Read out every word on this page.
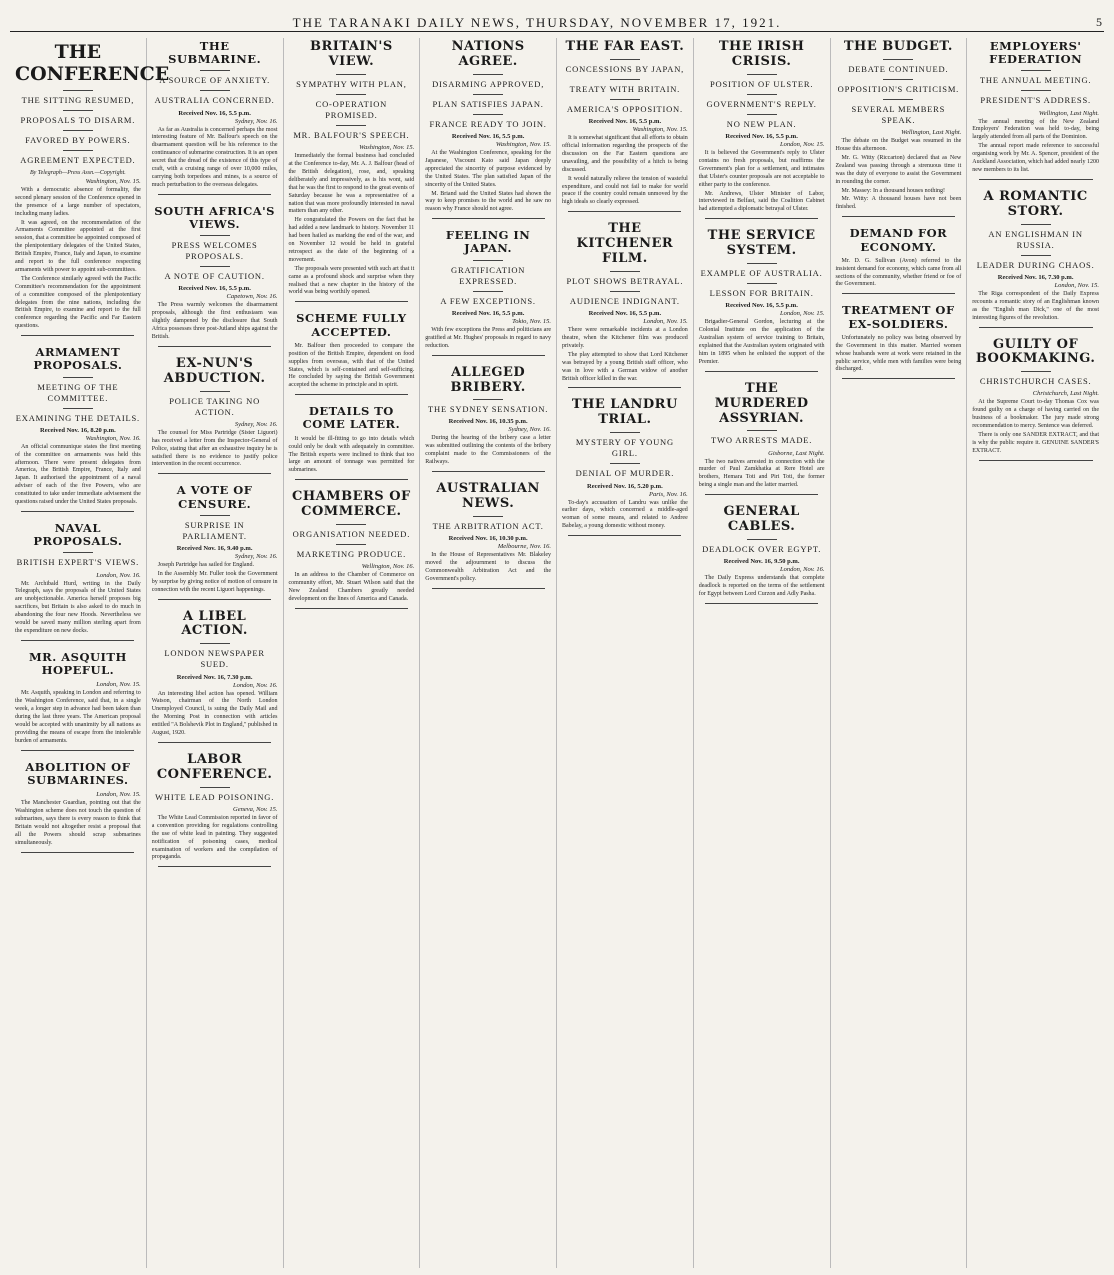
THE TARANAKI DAILY NEWS, THURSDAY, NOVEMBER 17, 1921.	5
THE CONFERENCE
THE SITTING RESUMED,
PROPOSALS TO DISARM.
FAVORED BY POWERS.
AGREEMENT EXPECTED.
By Telegraph—Press Assn.—Copyright.
Washington, Nov. 15.

With a democratic absence of formality, the second plenary session of the Conference opened in the presence of a large number of spectators, including many ladies.

It was agreed, on the recommendation of the Armaments Committee appointed at the first session, that a committee be appointed composed of the plenipotentiary delegates of the United States, British Empire, France, Italy and Japan, to examine and report to the full conference respecting armaments with power to appoint sub-committees.

The Conference similarly agreed with the Pacific Committee's recommendation for the appointment of a committee composed of the plenipotentiary delegates from the nine nations, including the British Empire, to examine and report to the full conference regarding the Pacific and Far Eastern questions.

ARMAMENT PROPOSALS.
MEETING OF THE COMMITTEE.
EXAMINING THE DETAILS.
Received Nov. 16, 8.20 p.m.
Washington, Nov. 16.

An official communique states the first meeting of the committee on armaments was held this afternoon. There were present delegates from America, the British Empire, France, Italy and Japan. It authorised the appointment of a naval adviser of each of the five Powers, who are constituted to take under immediate advisement the questions raised under the United States proposals.

NAVAL PROPOSALS.
BRITISH EXPERT'S VIEWS.
London, Nov. 16.

Mr. Archibald Hurd, writing in the Daily Telegraph, says the proposals of the United States are unobjectionable. America herself proposes big sacrifices, but Britain is also asked to do much in abandoning the four new Hoods. Nevertheless we would be saved many million sterling apart from the expenditure on new docks.

MR. ASQUITH HOPEFUL.
London, Nov. 15.

Mr. Asquith, speaking in London and referring to the Washington Conference, said that, in a single week, a longer step in advance had been taken than during the last three years. The American proposal would be accepted with unanimity by all nations as providing the means of escape from the intolerable burden of armaments.

ABOLITION OF SUBMARINES.
London, Nov. 15.

The Manchester Guardian, pointing out that the Washington scheme does not touch the question of submarines, says there is every reason to think that Britain would not altogether resist a proposal that all the Powers should scrap submarines simultaneously.

THE SUBMARINE.
A SOURCE OF ANXIETY.
AUSTRALIA CONCERNED.
Received Nov. 16, 5.5 p.m.
Sydney, Nov. 16.

As far as Australia is concerned perhaps the most interesting feature of Mr. Balfour's speech on the disarmament question will be his reference to the continuance of submarine construction. It is an open secret that the dread of the existence of this type of craft, with a cruising range of over 10,000 miles, carrying both torpedoes and mines, is a source of much perturbation to the overseas delegates.

SOUTH AFRICA'S VIEWS.
PRESS WELCOMES PROPOSALS.
A NOTE OF CAUTION.
Received Nov. 16, 5.5 p.m.
Capetown, Nov. 16.

The Press warmly welcomes the disarmament proposals, although the first enthusiasm was slightly dampened by the disclosure that South Africa possesses three post-Jutland ships against the British.

EX-NUN'S ABDUCTION.
POLICE TAKING NO ACTION.
Sydney, Nov. 16.

The counsel for Miss Partridge (Sister Liguori) has received a letter from the Inspector-General of Police, stating that after an exhaustive inquiry he is satisfied there is no evidence to justify police intervention in the recent occurrence.

A VOTE OF CENSURE.
SURPRISE IN PARLIAMENT.
Received Nov. 16, 9.40 p.m.
Sydney, Nov. 16.

Joseph Partridge has sailed for England.

In the Assembly Mr. Fuller took the Government by surprise by giving notice of motion of censure in connection with the recent Liguori happenings.

A LIBEL ACTION.
LONDON NEWSPAPER SUED.
Received Nov. 16, 7.30 p.m.
London, Nov. 16.

An interesting libel action has opened. William Watson, chairman of the North London Unemployed Council, is suing the Daily Mail and the Morning Post in connection with articles entitled "A Bolshevik Plot in England," published in August, 1920.

LABOR CONFERENCE.
WHITE LEAD POISONING.
Geneva, Nov. 15.

The White Lead Commission reported in favor of a convention providing for regulations controlling the use of white lead in painting. They suggested notification of poisoning cases, medical examination of workers and the compilation of propaganda.

BRITAIN'S VIEW.
SYMPATHY WITH PLAN,
CO-OPERATION PROMISED.
MR. BALFOUR'S SPEECH.
Washington, Nov. 15.

Immediately the formal business had concluded at the Conference to-day, Mr. A. J. Balfour (head of the British delegation), rose, and, speaking deliberately and impressively, as is his wont, said that he was the first to respond to the great events of Saturday because he was a representative of a nation that was more profoundly interested in naval matters than any other.

He congratulated the Powers on the fact that he had added a new landmark to history. November 11 had been hailed as marking the end of the war, and on November 12 would be held in grateful retrospect as the date of the beginning of a movement.

The proposals were presented with such art that it came as a profound shock and surprise when they realised that a new chapter in the history of the world was being worthily opened.

SCHEME FULLY ACCEPTED.

Mr. Balfour then proceeded to compare the position of the British Empire, dependent on food supplies from overseas, with that of the United States, which is self-contained and self-sufficing. He concluded by saying the British Government accepted the scheme in principle and in spirit.

DETAILS TO COME LATER.

It would be ill-fitting to go into details which could only be dealt with adequately in committee. The British experts were inclined to think that too large an amount of tonnage was permitted for submarines.

CHAMBERS OF COMMERCE.
ORGANISATION NEEDED.
MARKETING PRODUCE.
Wellington, Nov. 16.

In an address to the Chamber of Commerce on community effort, Mr. Stuart Wilson said that the New Zealand Chambers greatly needed development on the lines of America and Canada.

NATIONS AGREE.
DISARMING APPROVED,
PLAN SATISFIES JAPAN.
FRANCE READY TO JOIN.
Received Nov. 16, 5.5 p.m.
Washington, Nov. 15.

At the Washington Conference, speaking for the Japanese, Viscount Kato said Japan deeply appreciated the sincerity of purpose evidenced by the United States. The plan satisfied Japan of the sincerity of the United States.

M. Briand said the United States had shown the way to keep promises to the world and he saw no reason why France should not agree.

FEELING IN JAPAN.
GRATIFICATION EXPRESSED.
A FEW EXCEPTIONS.
Received Nov. 16, 5.5 p.m.
Tokio, Nov. 15.

With few exceptions the Press and politicians are gratified at Mr. Hughes' proposals in regard to navy reduction.

ALLEGED BRIBERY.
THE SYDNEY SENSATION.
Received Nov. 16, 10.35 p.m.
Sydney, Nov. 16.

During the hearing of the bribery case a letter was submitted outlining the contents of the bribery complaint made to the Commissioners of the Railways.

AUSTRALIAN NEWS.
THE ARBITRATION ACT.
Received Nov. 16, 10.30 p.m.
Melbourne, Nov. 16.

In the House of Representatives Mr. Blakeley moved the adjournment to discuss the Commonwealth Arbitration Act and the Government's policy.

THE FAR EAST.
CONCESSIONS BY JAPAN,
TREATY WITH BRITAIN.
AMERICA'S OPPOSITION.
Received Nov. 16, 5.5 p.m.
Washington, Nov. 15.

It is somewhat significant that all efforts to obtain official information regarding the prospects of the discussion on the Far Eastern questions are unavailing, and the possibility of a hitch is being discussed.

It would naturally relieve the tension of wasteful expenditure, and could not fail to make for world peace if the country could remain unmoved by the high ideals so clearly expressed.

THE KITCHENER FILM.
PLOT SHOWS BETRAYAL.
AUDIENCE INDIGNANT.
Received Nov. 16, 5.5 p.m.
London, Nov. 15.

There were remarkable incidents at a London theatre, when the Kitchener film was produced privately.

The play attempted to show that Lord Kitchener was betrayed by a young British staff officer, who was in love with a German widow of another British officer killed in the war.

THE LANDRU TRIAL.
MYSTERY OF YOUNG GIRL.
DENIAL OF MURDER.
Received Nov. 16, 5.20 p.m.
Paris, Nov. 16.

To-day's accusation of Landru was unlike the earlier days, which concerned a middle-aged woman of some means, and related to Andree Babelay, a young domestic without money.

THE IRISH CRISIS.
POSITION OF ULSTER.
GOVERNMENT'S REPLY.
NO NEW PLAN.
Received Nov. 16, 5.5 p.m.
London, Nov. 15.

It is believed the Government's reply to Ulster contains no fresh proposals, but reaffirms the Government's plan for a settlement, and intimates that Ulster's counter proposals are not acceptable to either party to the conference.

Mr. Andrews, Ulster Minister of Labor, interviewed in Belfast, said the Coalition Cabinet had attempted a diplomatic betrayal of Ulster.

THE SERVICE SYSTEM.
EXAMPLE OF AUSTRALIA.
LESSON FOR BRITAIN.
Received Nov. 16, 5.5 p.m.
London, Nov. 15.

Brigadier-General Gordon, lecturing at the Colonial Institute on the application of the Australian system of service training to Britain, explained that the Australian system originated with him in 1895 when he enlisted the support of the Premier.

THE MURDERED ASSYRIAN.
TWO ARRESTS MADE.
Gisborne, Last Night.

The two natives arrested in connection with the murder of Paul Zamkhatka at Rere Hotel are brothers, Hemara Toti and Piri Toti, the former being a single man and the latter married.

GENERAL CABLES.
DEADLOCK OVER EGYPT.
Received Nov. 16, 9.50 p.m.
London, Nov. 16.

The Daily Express understands that complete deadlock is reported on the terms of the settlement for Egypt between Lord Curzon and Adly Pasha.

THE BUDGET.
DEBATE CONTINUED.
OPPOSITION'S CRITICISM.
SEVERAL MEMBERS SPEAK.
Wellington, Last Night.

The debate on the Budget was resumed in the House this afternoon.

Mr. G. Witty (Riccarton) declared that as New Zealand was passing through a strenuous time it was the duty of everyone to assist the Government in rounding the corner.

Mr. Massey: In a thousand houses nothing!

Mr. Witty: A thousand houses have not been finished.

DEMAND FOR ECONOMY.

Mr. D. G. Sullivan (Avon) referred to the insistent demand for economy, which came from all sections of the community, whether friend or foe of the Government.

TREATMENT OF EX-SOLDIERS.

Unfortunately no policy was being observed by the Government in this matter. Married women whose husbands were at work were retained in the public service, while men with families were being discharged.

EMPLOYERS' FEDERATION
THE ANNUAL MEETING.
PRESIDENT'S ADDRESS.
Wellington, Last Night.

The annual meeting of the New Zealand Employers' Federation was held to-day, being largely attended from all parts of the Dominion.

The annual report made reference to successful organising work by Mr. A. Spencer, president of the Auckland Association, which had added nearly 1200 new members to its list.

A ROMANTIC STORY.
AN ENGLISHMAN IN RUSSIA.
LEADER DURING CHAOS.
Received Nov. 16, 7.30 p.m.
London, Nov. 15.

The Riga correspondent of the Daily Express recounts a romantic story of an Englishman known as the "English man Dick," one of the most interesting figures of the revolution.

GUILTY OF BOOKMAKING.
CHRISTCHURCH CASES.
Christchurch, Last Night.

At the Supreme Court to-day Thomas Cox was found guilty on a charge of having carried on the business of a bookmaker. The jury made strong recommendation to mercy. Sentence was deferred.

There is only one SANDER EXTRACT, and that is why the public require it. GENUINE SANDER'S EXTRACT.
